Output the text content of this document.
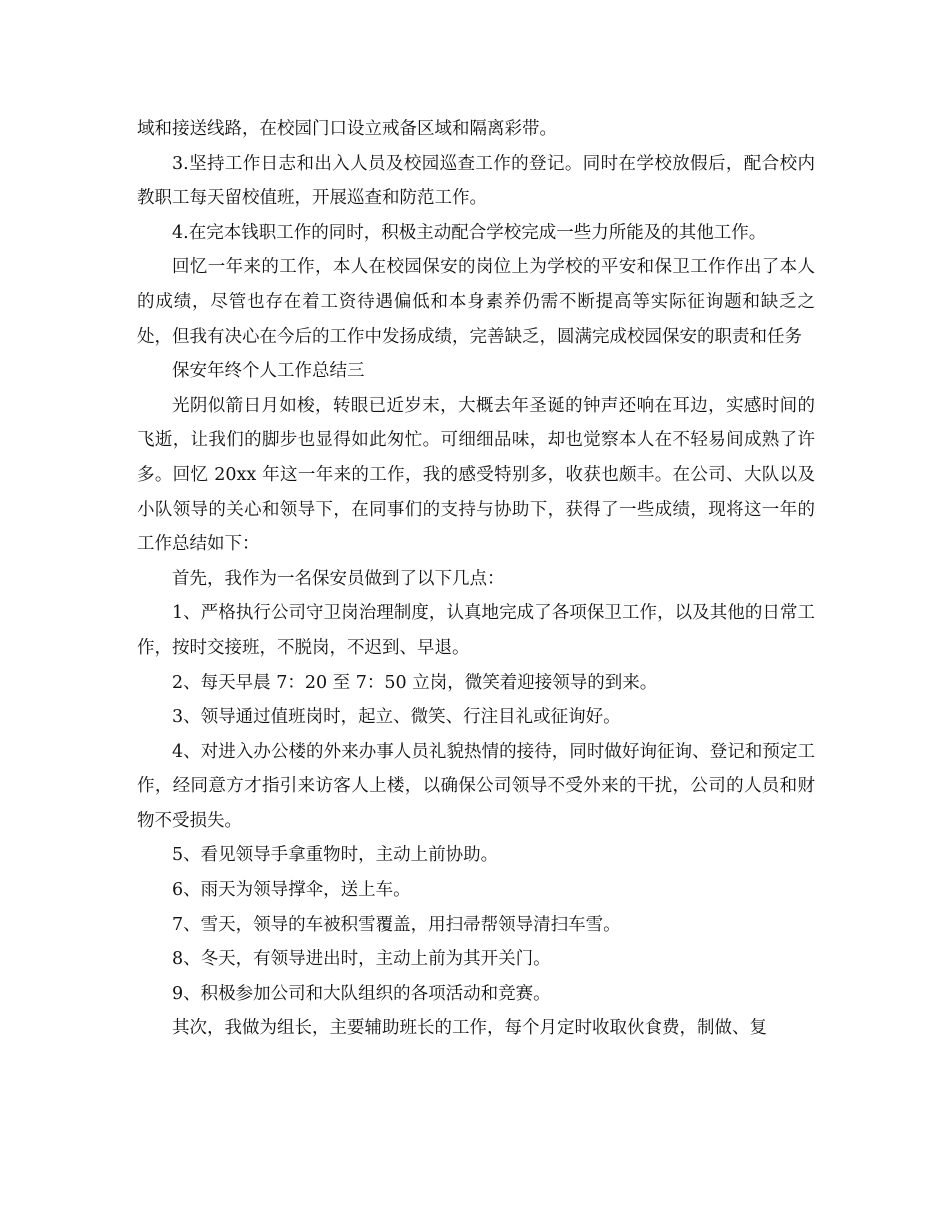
域和接送线路，在校园门口设立戒备区域和隔离彩带。

3.坚持工作日志和出入人员及校园巡查工作的登记。同时在学校放假后，配合校内教职工每天留校值班，开展巡查和防范工作。

4.在完本钱职工作的同时，积极主动配合学校完成一些力所能及的其他工作。

回忆一年来的工作，本人在校园保安的岗位上为学校的平安和保卫工作作出了本人的成绩，尽管也存在着工资待遇偏低和本身素养仍需不断提高等实际征询题和缺乏之处，但我有决心在今后的工作中发扬成绩，完善缺乏，圆满完成校园保安的职责和任务

保安年终个人工作总结三

光阴似箭日月如梭，转眼已近岁末，大概去年圣诞的钟声还响在耳边，实感时间的飞逝，让我们的脚步也显得如此匆忙。可细细品味，却也觉察本人在不轻易间成熟了许多。回忆 20xx 年这一年来的工作，我的感受特别多，收获也颇丰。在公司、大队以及小队领导的关心和领导下，在同事们的支持与协助下，获得了一些成绩，现将这一年的工作总结如下：

首先，我作为一名保安员做到了以下几点：

1、严格执行公司守卫岗治理制度，认真地完成了各项保卫工作，以及其他的日常工作，按时交接班，不脱岗，不迟到、早退。

2、每天早晨 7：20 至 7：50 立岗，微笑着迎接领导的到来。

3、领导通过值班岗时，起立、微笑、行注目礼或征询好。

4、对进入办公楼的外来办事人员礼貌热情的接待，同时做好询征询、登记和预定工作，经同意方才指引来访客人上楼，以确保公司领导不受外来的干扰，公司的人员和财物不受损失。

5、看见领导手拿重物时，主动上前协助。

6、雨天为领导撑伞，送上车。

7、雪天，领导的车被积雪覆盖，用扫帚帮领导清扫车雪。

8、冬天，有领导进出时，主动上前为其开关门。

9、积极参加公司和大队组织的各项活动和竞赛。

其次，我做为组长，主要辅助班长的工作，每个月定时收取伙食费，制做、复
